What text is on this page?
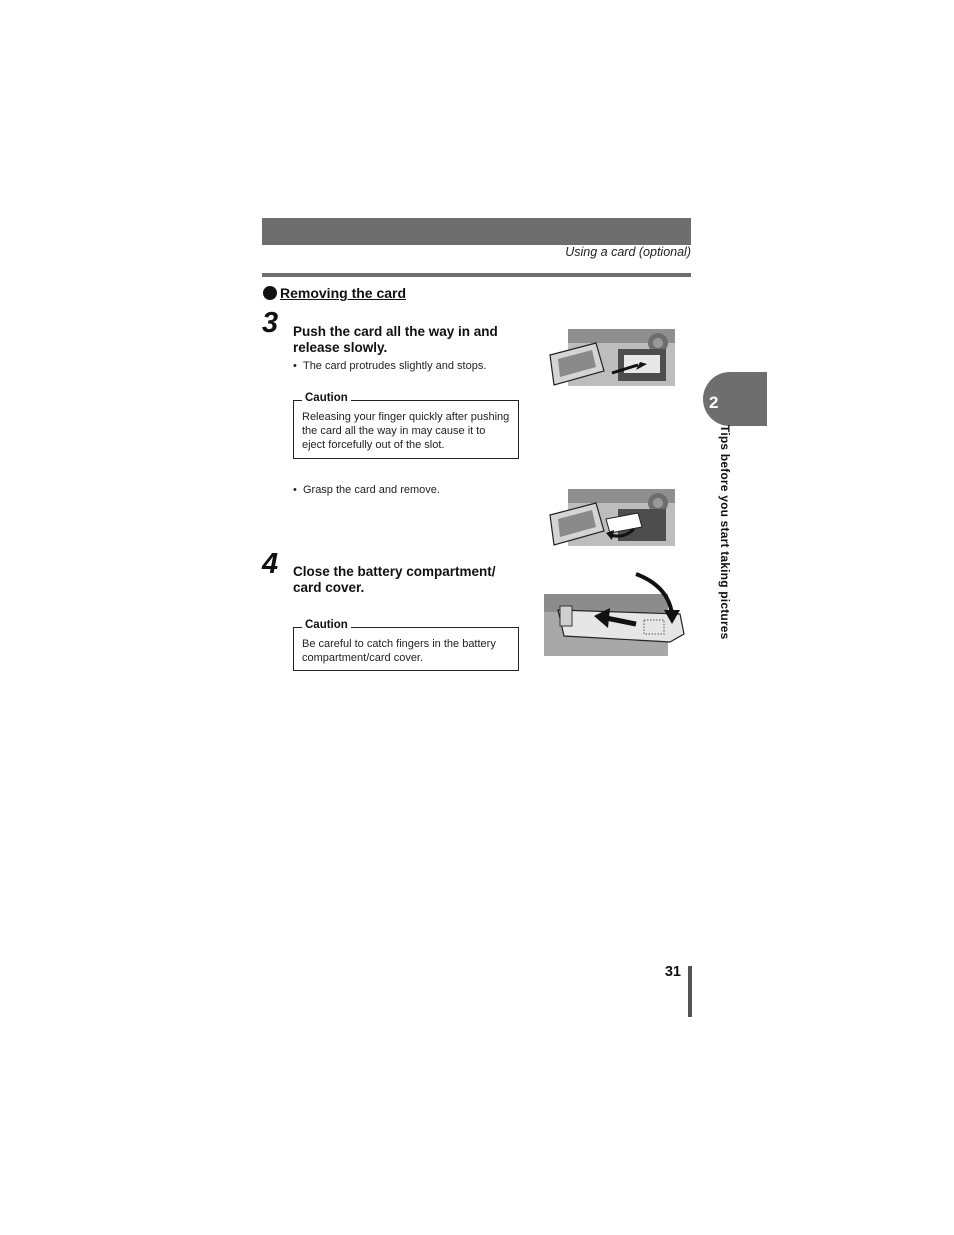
Using a card (optional)
Removing the card
3 Push the card all the way in and release slowly.
•  The card protrudes slightly and stops.
Caution
Releasing your finger quickly after pushing the card all the way in may cause it to eject forcefully out of the slot.
•  Grasp the card and remove.
4 Close the battery compartment/ card cover.
Caution
Be careful to catch fingers in the battery compartment/card cover.
2
Tips before you start taking pictures
31
